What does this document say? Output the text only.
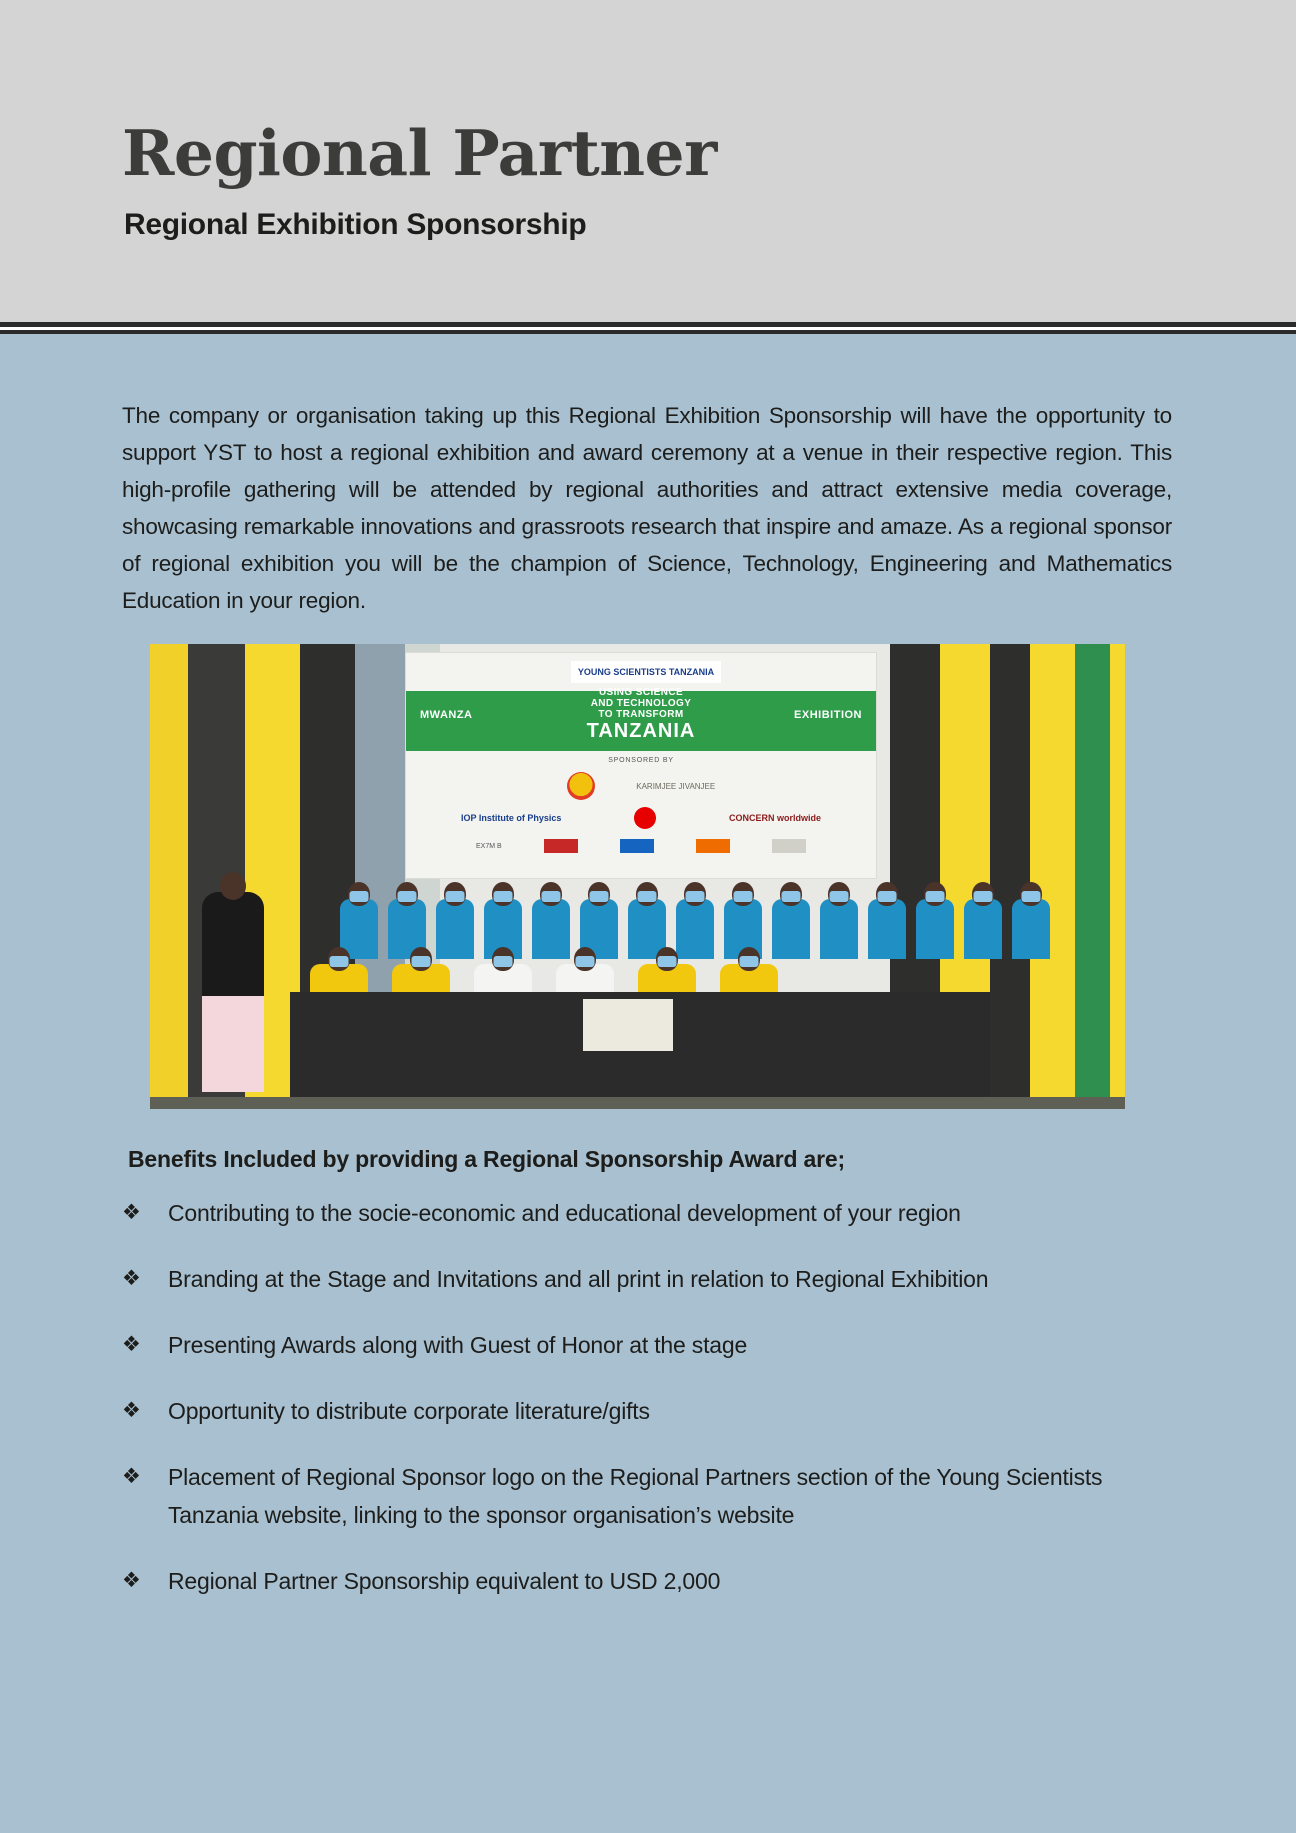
Regional Partner
Regional Exhibition Sponsorship

The company or organisation taking up this Regional Exhibition Sponsorship will have the opportunity to support YST to host a regional exhibition and award ceremony at a venue in their respective region. This high-profile gathering will be attended by regional authorities and attract extensive media coverage, showcasing remarkable innovations and grassroots research that inspire and amaze. As a regional sponsor of regional exhibition you will be the champion of Science, Technology, Engineering and Mathematics Education in your region.

YOUNG SCIENTISTS TANZANIA
MWANZA	EXHIBITION
USING SCIENCE
AND TECHNOLOGY
TO TRANSFORM
TANZANIA
SPONSORED BY
KARIMJEE JIVANJEE
IOP Institute of Physics	CONCERN worldwide
EX7M B
Benefits Included by providing a Regional Sponsorship Award are;
❖	Contributing to the socie-economic and educational development of your region
❖	Branding at the Stage and Invitations and all print in relation to Regional Exhibition
❖	Presenting Awards along with Guest of Honor at the stage
❖	Opportunity to distribute corporate literature/gifts
❖	Placement of Regional Sponsor logo on the Regional Partners section of the Young Scientists Tanzania website, linking to the sponsor organisation’s website
❖	Regional Partner Sponsorship equivalent to USD 2,000
